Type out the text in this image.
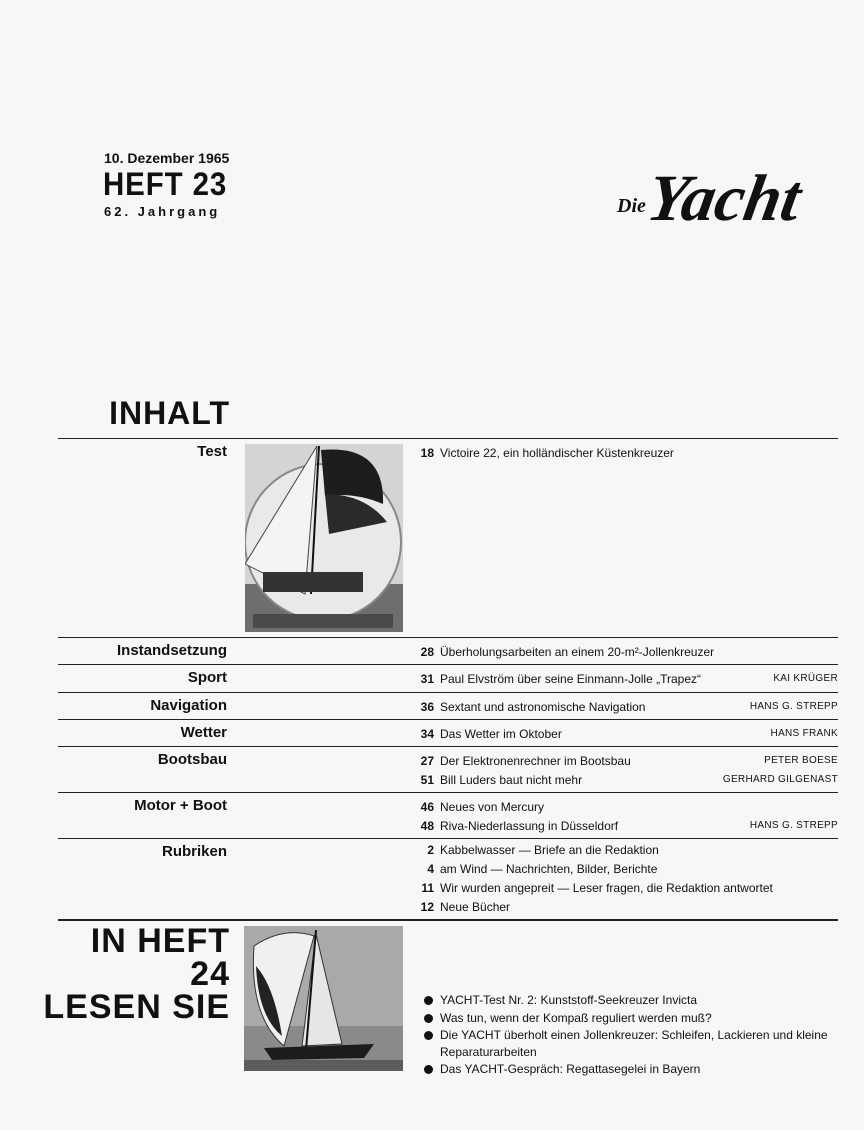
10. Dezember 1965
HEFT 23
62. Jahrgang	Die
Yacht
INHALT
Test	18 Victoire 22, ein holländischer Küstenkreuzer
Instandsetzung	28 Überholungsarbeiten an einem 20-m²-Jollenkreuzer
Sport	31 Paul Elvström über seine Einmann-Jolle „Trapez“	KAI KRÜGER
Navigation	36 Sextant und astronomische Navigation	HANS G. STREPP
Wetter	34 Das Wetter im Oktober	HANS FRANK
Bootsbau	27 Der Elektronenrechner im Bootsbau	PETER BOESE
51 Bill Luders baut nicht mehr	GERHARD GILGENAST
Motor + Boot	46 Neues von Mercury
48 Riva-Niederlassung in Düsseldorf	HANS G. STREPP
Rubriken	2 Kabbelwasser — Briefe an die Redaktion
4 am Wind — Nachrichten, Bilder, Berichte
11 Wir wurden angepreit — Leser fragen, die Redaktion antwortet
12 Neue Bücher
IN HEFT
24
LESEN SIE	YACHT-Test Nr. 2: Kunststoff-Seekreuzer Invicta
Was tun, wenn der Kompaß reguliert werden muß?
Die YACHT überholt einen Jollenkreuzer: Schleifen, Lackieren und kleine Reparaturarbeiten
Das YACHT-Gespräch: Regattasegelei in Bayern
